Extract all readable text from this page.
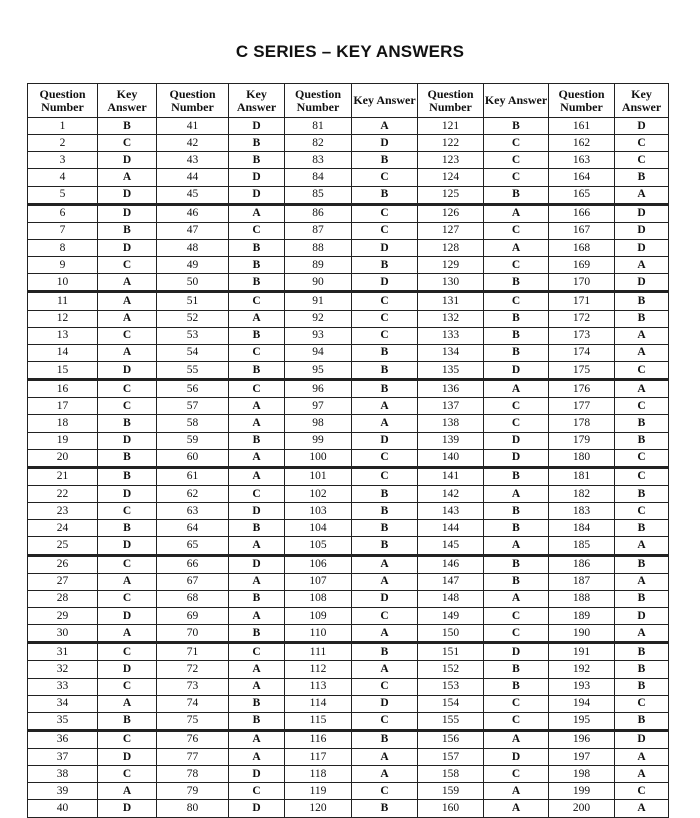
C SERIES – KEY ANSWERS
Question Number	Key Answer	Question Number	Key Answer	Question Number	Key Answer	Question Number	Key Answer	Question Number	Key Answer
1	B	41	D	81	A	121	B	161	D
2	C	42	B	82	D	122	C	162	C
3	D	43	B	83	B	123	C	163	C
4	A	44	D	84	C	124	C	164	B
5	D	45	D	85	B	125	B	165	A
6	D	46	A	86	C	126	A	166	D
7	B	47	C	87	C	127	C	167	D
8	D	48	B	88	D	128	A	168	D
9	C	49	B	89	B	129	C	169	A
10	A	50	B	90	D	130	B	170	D
11	A	51	C	91	C	131	C	171	B
12	A	52	A	92	C	132	B	172	B
13	C	53	B	93	C	133	B	173	A
14	A	54	C	94	B	134	B	174	A
15	D	55	B	95	B	135	D	175	C
16	C	56	C	96	B	136	A	176	A
17	C	57	A	97	A	137	C	177	C
18	B	58	A	98	A	138	C	178	B
19	D	59	B	99	D	139	D	179	B
20	B	60	A	100	C	140	D	180	C
21	B	61	A	101	C	141	B	181	C
22	D	62	C	102	B	142	A	182	B
23	C	63	D	103	B	143	B	183	C
24	B	64	B	104	B	144	B	184	B
25	D	65	A	105	B	145	A	185	A
26	C	66	D	106	A	146	B	186	B
27	A	67	A	107	A	147	B	187	A
28	C	68	B	108	D	148	A	188	B
29	D	69	A	109	C	149	C	189	D
30	A	70	B	110	A	150	C	190	A
31	C	71	C	111	B	151	D	191	B
32	D	72	A	112	A	152	B	192	B
33	C	73	A	113	C	153	B	193	B
34	A	74	B	114	D	154	C	194	C
35	B	75	B	115	C	155	C	195	B
36	C	76	A	116	B	156	A	196	D
37	D	77	A	117	A	157	D	197	A
38	C	78	D	118	A	158	C	198	A
39	A	79	C	119	C	159	A	199	C
40	D	80	D	120	B	160	A	200	A
